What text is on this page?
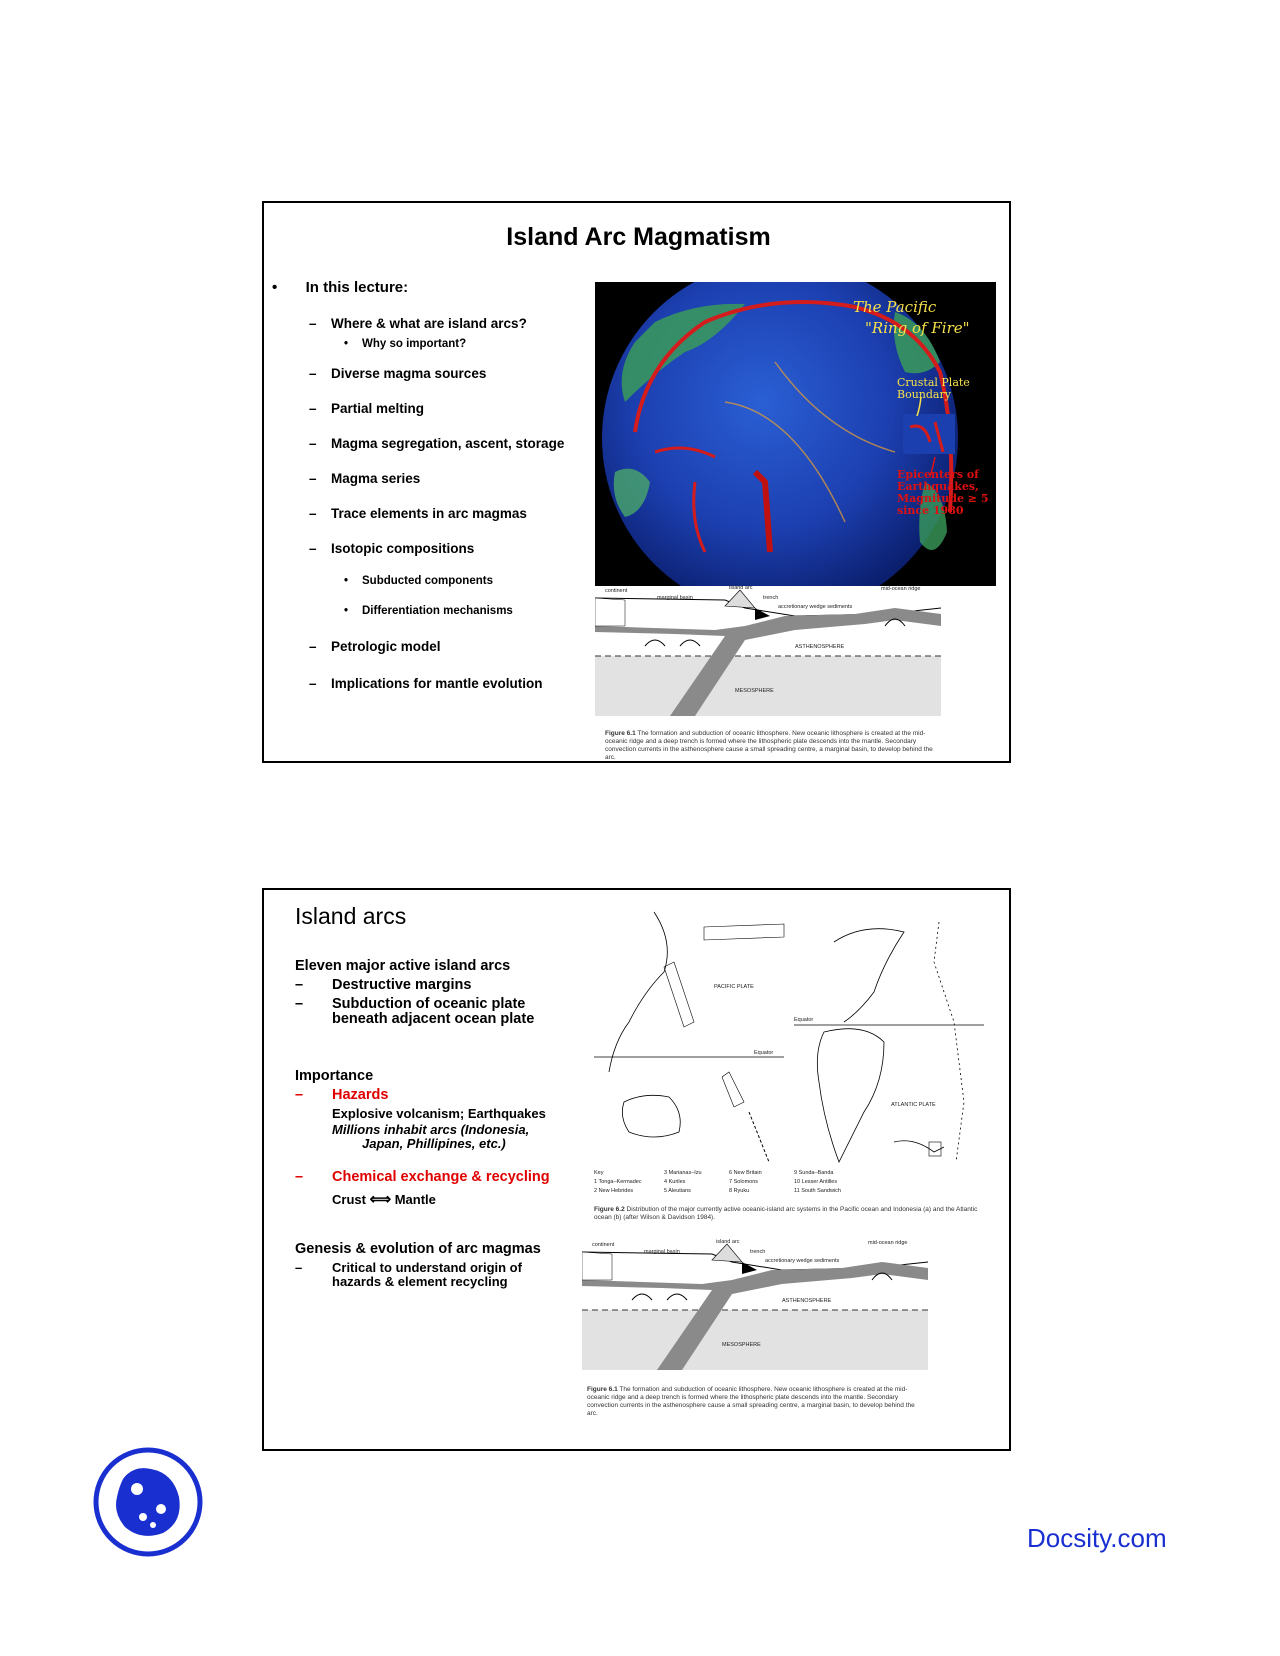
Island Arc Magmatism
• In this lecture:
– Where & what are island arcs?
• Why so important?
– Diverse magma sources
– Partial melting
– Magma segregation, ascent, storage
– Magma series
– Trace elements in arc magmas
– Isotopic compositions
• Subducted components
• Differentiation mechanisms
– Petrologic model
– Implications for mantle evolution
The Pacific
"Ring of Fire"
Crustal Plate
Boundary
Epicenters of
Earthquakes,
Magnitude ≥ 5
since 1980
continent
marginal basin
island arc
trench
mid-ocean ridge
accretionary wedge sediments
ASTHENOSPHERE
MESOSPHERE
Figure 6.1 The formation and subduction of oceanic lithosphere. New oceanic lithosphere is created at the mid-oceanic ridge and a deep trench is formed where the lithospheric plate descends into the mantle. Secondary convection currents in the asthenosphere cause a small spreading centre, a marginal basin, to develop behind the arc.
Island arcs
Eleven major active island arcs
– Destructive margins
– Subduction of oceanic plate
beneath adjacent ocean plate
Importance
– Hazards
Explosive volcanism; Earthquakes
Millions inhabit arcs (Indonesia,
Japan, Phillipines, etc.)
– Chemical exchange & recycling
Crust ⟺ Mantle
Genesis & evolution of arc magmas
– Critical to understand origin of
hazards & element recycling
PACIFIC PLATE
ATLANTIC PLATE
Equator
Equator
Key
1 Tonga–Kermadec
2 New Hebrides
3 Marianas–Izu
4 Kuriles
5 Aleutians
6 New Britain
7 Solomons
8 Ryuku
9 Sunda–Banda
10 Lesser Antilles
11 South Sandwich
Figure 6.2 Distribution of the major currently active oceanic-island arc systems in the Pacific ocean and Indonesia (a) and the Atlantic ocean (b) (after Wilson & Davidson 1984).
continent
marginal basin
island arc
trench
mid-ocean ridge
accretionary wedge sediments
ASTHENOSPHERE
MESOSPHERE
Figure 6.1 The formation and subduction of oceanic lithosphere. New oceanic lithosphere is created at the mid-oceanic ridge and a deep trench is formed where the lithospheric plate descends into the mantle. Secondary convection currents in the asthenosphere cause a small spreading centre, a marginal basin, to develop behind the arc.
Docsity.com
